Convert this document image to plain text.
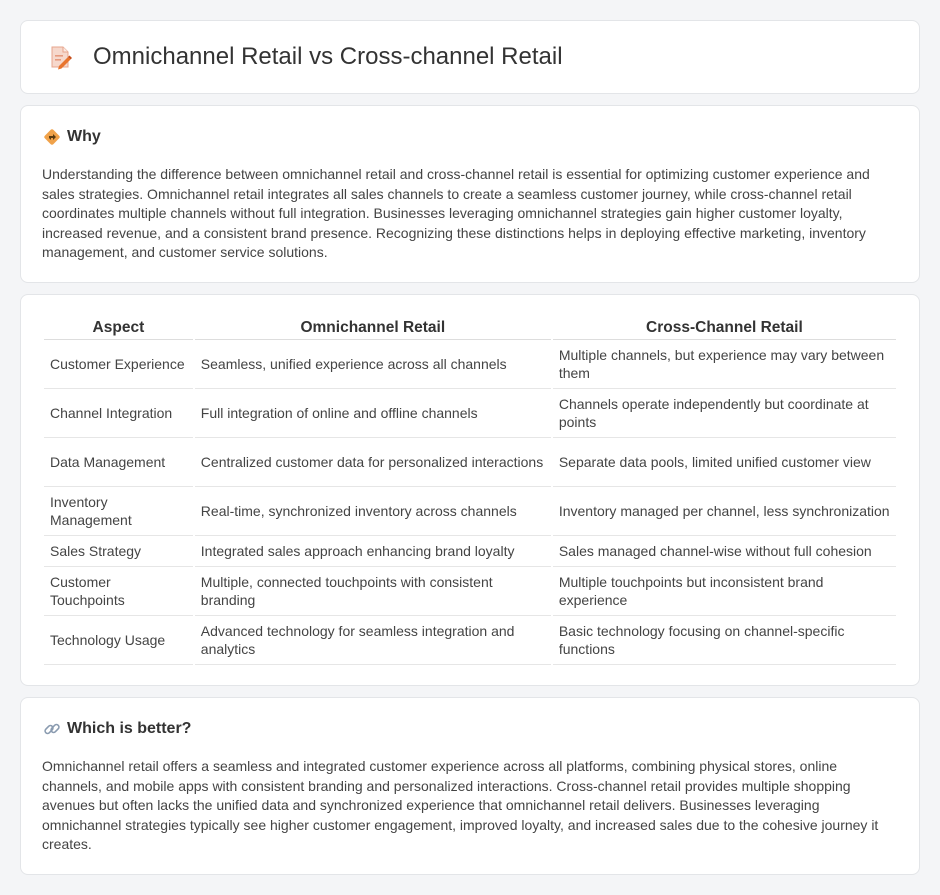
Omnichannel Retail vs Cross-channel Retail
Why

Understanding the difference between omnichannel retail and cross-channel retail is essential for optimizing customer experience and sales strategies. Omnichannel retail integrates all sales channels to create a seamless customer journey, while cross-channel retail coordinates multiple channels without full integration. Businesses leveraging omnichannel strategies gain higher customer loyalty, increased revenue, and a consistent brand presence. Recognizing these distinctions helps in deploying effective marketing, inventory management, and customer service solutions.

Aspect	Omnichannel Retail	Cross-Channel Retail
Customer Experience	Seamless, unified experience across all channels	Multiple channels, but experience may vary between them
Channel Integration	Full integration of online and offline channels	Channels operate independently but coordinate at points
Data Management	Centralized customer data for personalized interactions	Separate data pools, limited unified customer view
Inventory Management	Real-time, synchronized inventory across channels	Inventory managed per channel, less synchronization
Sales Strategy	Integrated sales approach enhancing brand loyalty	Sales managed channel-wise without full cohesion
Customer Touchpoints	Multiple, connected touchpoints with consistent branding	Multiple touchpoints but inconsistent brand experience
Technology Usage	Advanced technology for seamless integration and analytics	Basic technology focusing on channel-specific functions
Which is better?

Omnichannel retail offers a seamless and integrated customer experience across all platforms, combining physical stores, online channels, and mobile apps with consistent branding and personalized interactions. Cross-channel retail provides multiple shopping avenues but often lacks the unified data and synchronized experience that omnichannel retail delivers. Businesses leveraging omnichannel strategies typically see higher customer engagement, improved loyalty, and increased sales due to the cohesive journey it creates.
